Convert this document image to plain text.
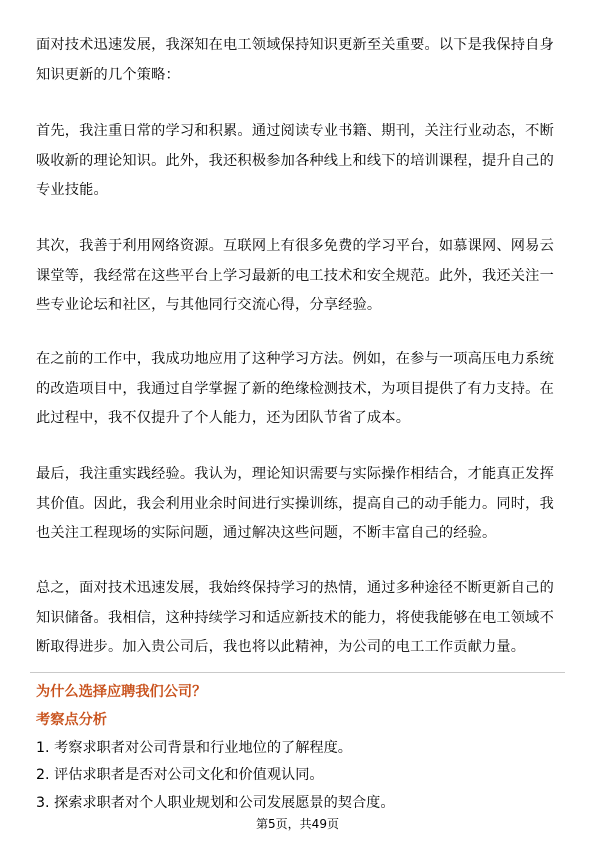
面对技术迅速发展，我深知在电工领域保持知识更新至关重要。以下是我保持自身知识更新的几个策略：

首先，我注重日常的学习和积累。通过阅读专业书籍、期刊，关注行业动态，不断吸收新的理论知识。此外，我还积极参加各种线上和线下的培训课程，提升自己的专业技能。

其次，我善于利用网络资源。互联网上有很多免费的学习平台，如慕课网、网易云课堂等，我经常在这些平台上学习最新的电工技术和安全规范。此外，我还关注一些专业论坛和社区，与其他同行交流心得，分享经验。

在之前的工作中，我成功地应用了这种学习方法。例如，在参与一项高压电力系统的改造项目中，我通过自学掌握了新的绝缘检测技术，为项目提供了有力支持。在此过程中，我不仅提升了个人能力，还为团队节省了成本。

最后，我注重实践经验。我认为，理论知识需要与实际操作相结合，才能真正发挥其价值。因此，我会利用业余时间进行实操训练，提高自己的动手能力。同时，我也关注工程现场的实际问题，通过解决这些问题，不断丰富自己的经验。

总之，面对技术迅速发展，我始终保持学习的热情，通过多种途径不断更新自己的知识储备。我相信，这种持续学习和适应新技术的能力，将使我能够在电工领域不断取得进步。加入贵公司后，我也将以此精神，为公司的电工工作贡献力量。

为什么选择应聘我们公司？
考察点分析
1. 考察求职者对公司背景和行业地位的了解程度。
2. 评估求职者是否对公司文化和价值观认同。
3. 探索求职者对个人职业规划和公司发展愿景的契合度。
第5页，共49页
